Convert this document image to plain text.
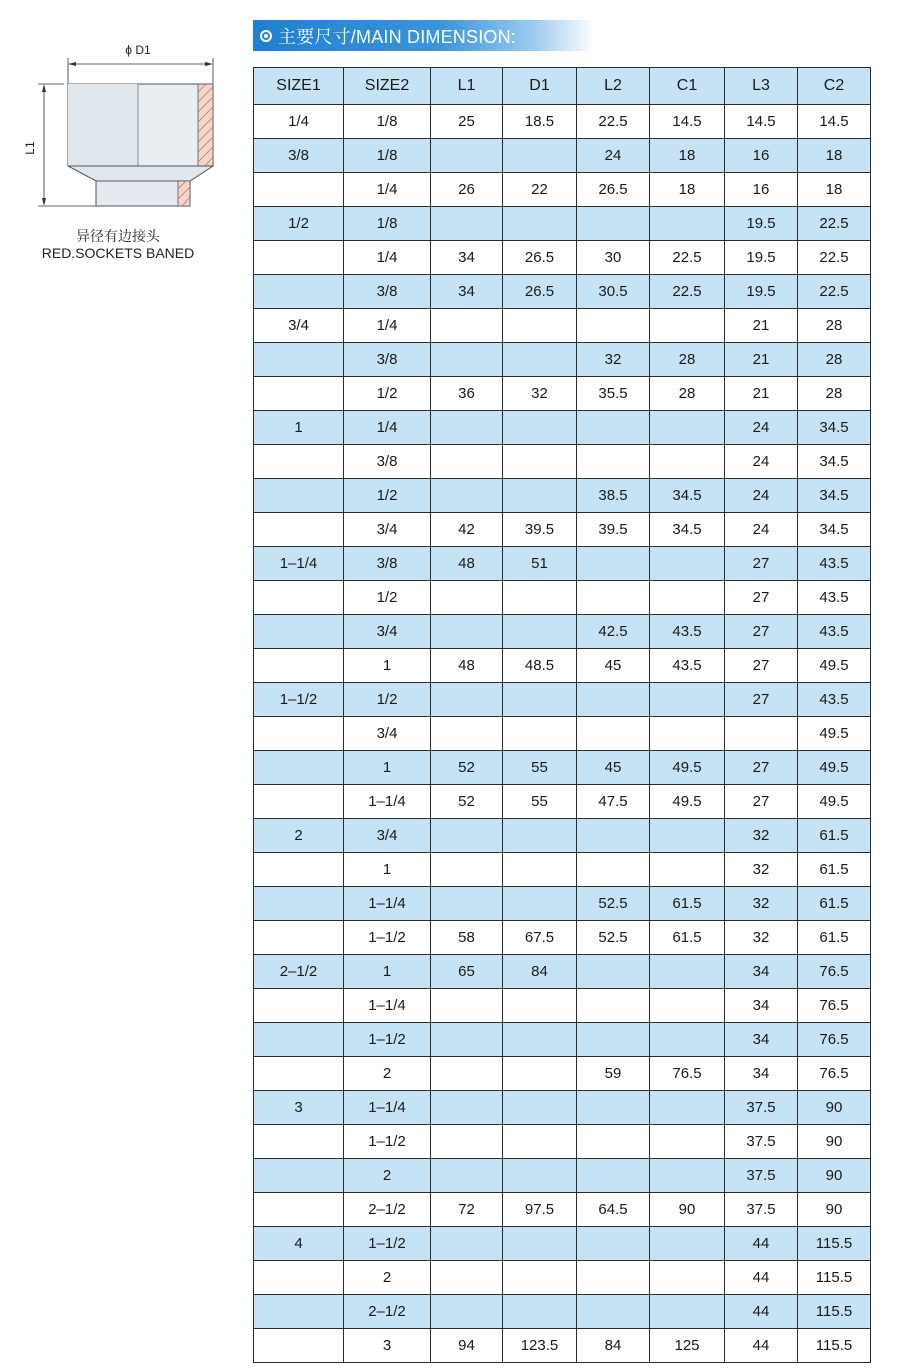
ϕ D1
L1
异径有边接头
RED.SOCKETS BANED
主要尺寸/MAIN DIMENSION:
SIZE1	SIZE2	L1	D1	L2	C1	L3	C2
1/4	1/8	25	18.5	22.5	14.5	14.5	14.5
3/8	1/8			24	18	16	18
	1/4	26	22	26.5	18	16	18
1/2	1/8					19.5	22.5
	1/4	34	26.5	30	22.5	19.5	22.5
	3/8	34	26.5	30.5	22.5	19.5	22.5
3/4	1/4					21	28
	3/8			32	28	21	28
	1/2	36	32	35.5	28	21	28
1	1/4					24	34.5
	3/8					24	34.5
	1/2			38.5	34.5	24	34.5
	3/4	42	39.5	39.5	34.5	24	34.5
1–1/4	3/8	48	51			27	43.5
	1/2					27	43.5
	3/4			42.5	43.5	27	43.5
	1	48	48.5	45	43.5	27	49.5
1–1/2	1/2					27	43.5
	3/4						49.5
	1	52	55	45	49.5	27	49.5
	1–1/4	52	55	47.5	49.5	27	49.5
2	3/4					32	61.5
	1					32	61.5
	1–1/4			52.5	61.5	32	61.5
	1–1/2	58	67.5	52.5	61.5	32	61.5
2–1/2	1	65	84			34	76.5
	1–1/4					34	76.5
	1–1/2					34	76.5
	2			59	76.5	34	76.5
3	1–1/4					37.5	90
	1–1/2					37.5	90
	2					37.5	90
	2–1/2	72	97.5	64.5	90	37.5	90
4	1–1/2					44	115.5
	2					44	115.5
	2–1/2					44	115.5
	3	94	123.5	84	125	44	115.5
